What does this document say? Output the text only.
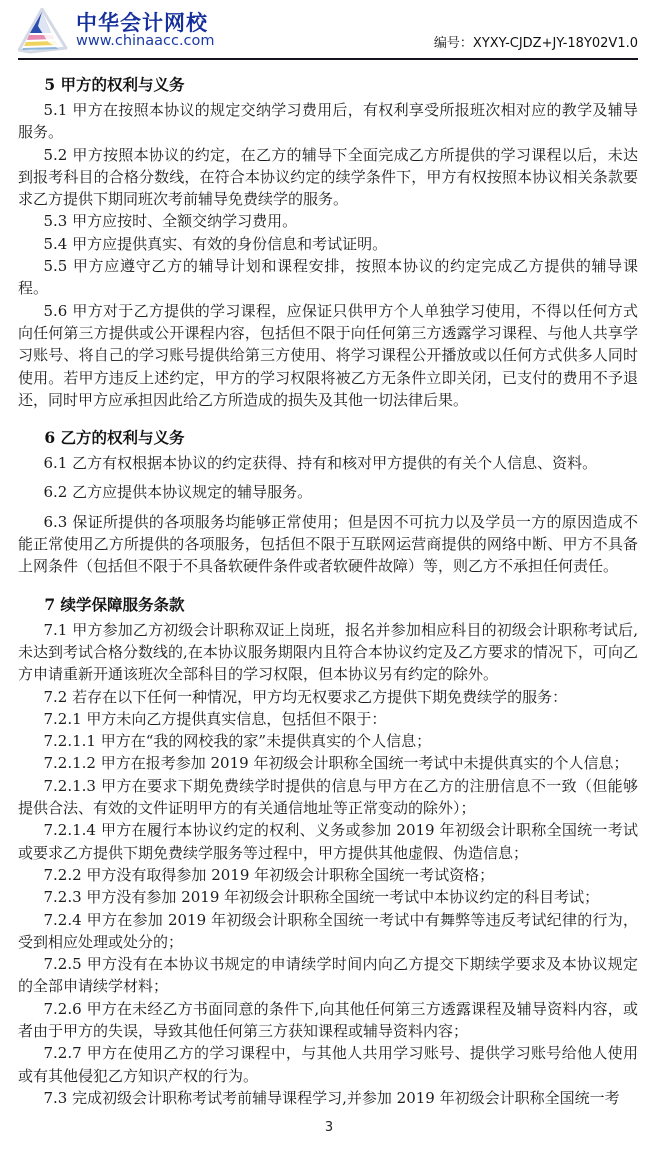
中华会计网校
www.chinaacc.com	编号：XYXY-CJDZ+JY-18Y02V1.0
5 甲方的权利与义务

5.1 甲方在按照本协议的规定交纳学习费用后，有权利享受所报班次相对应的教学及辅导服务。

5.2 甲方按照本协议的约定，在乙方的辅导下全面完成乙方所提供的学习课程以后，未达到报考科目的合格分数线，在符合本协议约定的续学条件下，甲方有权按照本协议相关条款要求乙方提供下期同班次考前辅导免费续学的服务。

5.3 甲方应按时、全额交纳学习费用。

5.4 甲方应提供真实、有效的身份信息和考试证明。

5.5 甲方应遵守乙方的辅导计划和课程安排，按照本协议的约定完成乙方提供的辅导课程。

5.6 甲方对于乙方提供的学习课程，应保证只供甲方个人单独学习使用，不得以任何方式向任何第三方提供或公开课程内容，包括但不限于向任何第三方透露学习课程、与他人共享学习账号、将自己的学习账号提供给第三方使用、将学习课程公开播放或以任何方式供多人同时使用。若甲方违反上述约定，甲方的学习权限将被乙方无条件立即关闭，已支付的费用不予退还，同时甲方应承担因此给乙方所造成的损失及其他一切法律后果。

6 乙方的权利与义务

6.1 乙方有权根据本协议的约定获得、持有和核对甲方提供的有关个人信息、资料。

6.2 乙方应提供本协议规定的辅导服务。

6.3 保证所提供的各项服务均能够正常使用；但是因不可抗力以及学员一方的原因造成不能正常使用乙方所提供的各项服务，包括但不限于互联网运营商提供的网络中断、甲方不具备上网条件（包括但不限于不具备软硬件条件或者软硬件故障）等，则乙方不承担任何责任。

7 续学保障服务条款

7.1 甲方参加乙方初级会计职称双证上岗班，报名并参加相应科目的初级会计职称考试后,未达到考试合格分数线的,在本协议服务期限内且符合本协议约定及乙方要求的情况下，可向乙方申请重新开通该班次全部科目的学习权限，但本协议另有约定的除外。

7.2 若存在以下任何一种情况，甲方均无权要求乙方提供下期免费续学的服务：

7.2.1 甲方未向乙方提供真实信息，包括但不限于：

7.2.1.1 甲方在“我的网校我的家”未提供真实的个人信息；

7.2.1.2 甲方在报考参加 2019 年初级会计职称全国统一考试中未提供真实的个人信息；

7.2.1.3 甲方在要求下期免费续学时提供的信息与甲方在乙方的注册信息不一致（但能够提供合法、有效的文件证明甲方的有关通信地址等正常变动的除外）；

7.2.1.4 甲方在履行本协议约定的权利、义务或参加 2019 年初级会计职称全国统一考试或要求乙方提供下期免费续学服务等过程中，甲方提供其他虚假、伪造信息；

7.2.2 甲方没有取得参加 2019 年初级会计职称全国统一考试资格；

7.2.3 甲方没有参加 2019 年初级会计职称全国统一考试中本协议约定的科目考试；

7.2.4 甲方在参加 2019 年初级会计职称全国统一考试中有舞弊等违反考试纪律的行为，受到相应处理或处分的；

7.2.5 甲方没有在本协议书规定的申请续学时间内向乙方提交下期续学要求及本协议规定的全部申请续学材料；

7.2.6 甲方在未经乙方书面同意的条件下,向其他任何第三方透露课程及辅导资料内容，或者由于甲方的失误，导致其他任何第三方获知课程或辅导资料内容；

7.2.7 甲方在使用乙方的学习课程中，与其他人共用学习账号、提供学习账号给他人使用或有其他侵犯乙方知识产权的行为。

7.3 完成初级会计职称考试考前辅导课程学习,并参加 2019 年初级会计职称全国统一考

3
